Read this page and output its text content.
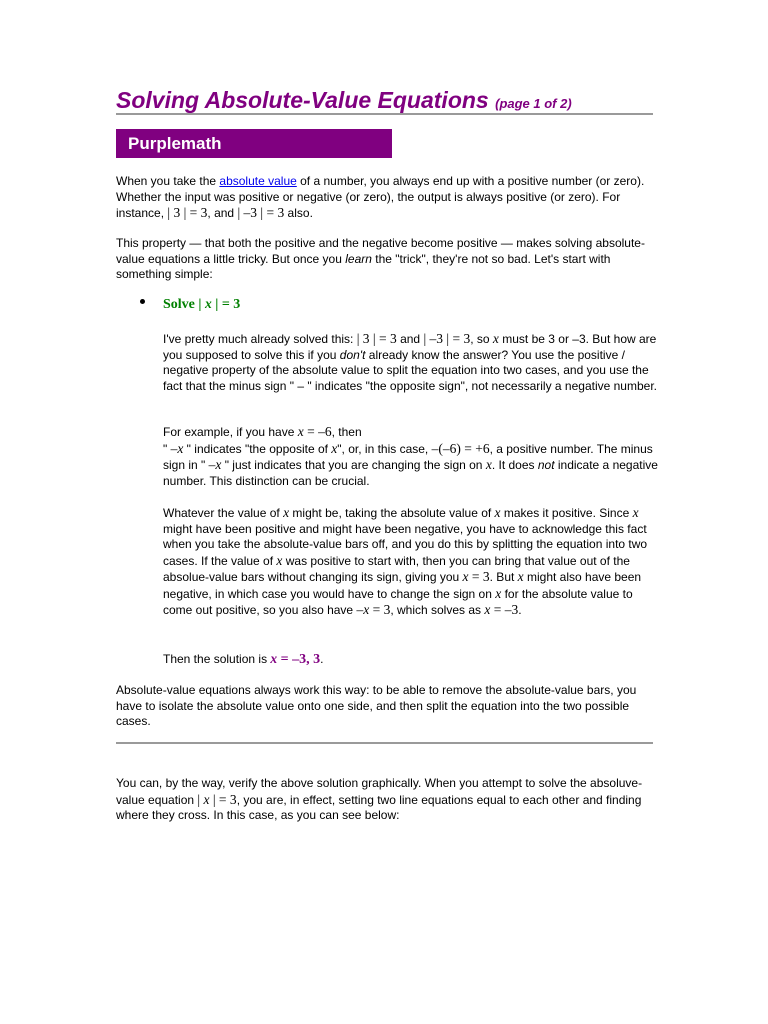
Solving Absolute-Value Equations (page 1 of 2)
Purplemath

When you take the absolute value of a number, you always end up with a positive number (or zero). Whether the input was positive or negative (or zero), the output is always positive (or zero). For instance, | 3 | = 3, and | –3 | = 3 also.

This property — that both the positive and the negative become positive — makes solving absolute-value equations a little tricky. But once you learn the "trick", they're not so bad. Let's start with something simple:

Solve | x | = 3

I've pretty much already solved this: | 3 | = 3 and | –3 | = 3, so x must be 3 or –3. But how are you supposed to solve this if you don't already know the answer? You use the positive / negative property of the absolute value to split the equation into two cases, and you use the fact that the minus sign " – " indicates "the opposite sign", not necessarily a negative number.

For example, if you have x = –6, then
" –x " indicates "the opposite of x", or, in this case, –(–6) = +6, a positive number. The minus sign in " –x " just indicates that you are changing the sign on x. It does not indicate a negative number. This distinction can be crucial.

Whatever the value of x might be, taking the absolute value of x makes it positive. Since x might have been positive and might have been negative, you have to acknowledge this fact when you take the absolute-value bars off, and you do this by splitting the equation into two cases. If the value of x was positive to start with, then you can bring that value out of the absolue-value bars without changing its sign, giving you x = 3. But x might also have been negative, in which case you would have to change the sign on x for the absolute value to come out positive, so you also have –x = 3, which solves as x = –3.

Then the solution is x = –3, 3.

Absolute-value equations always work this way: to be able to remove the absolute-value bars, you have to isolate the absolute value onto one side, and then split the equation into the two possible cases.

You can, by the way, verify the above solution graphically. When you attempt to solve the absoluve-value equation | x | = 3, you are, in effect, setting two line equations equal to each other and finding where they cross. In this case, as you can see below:
